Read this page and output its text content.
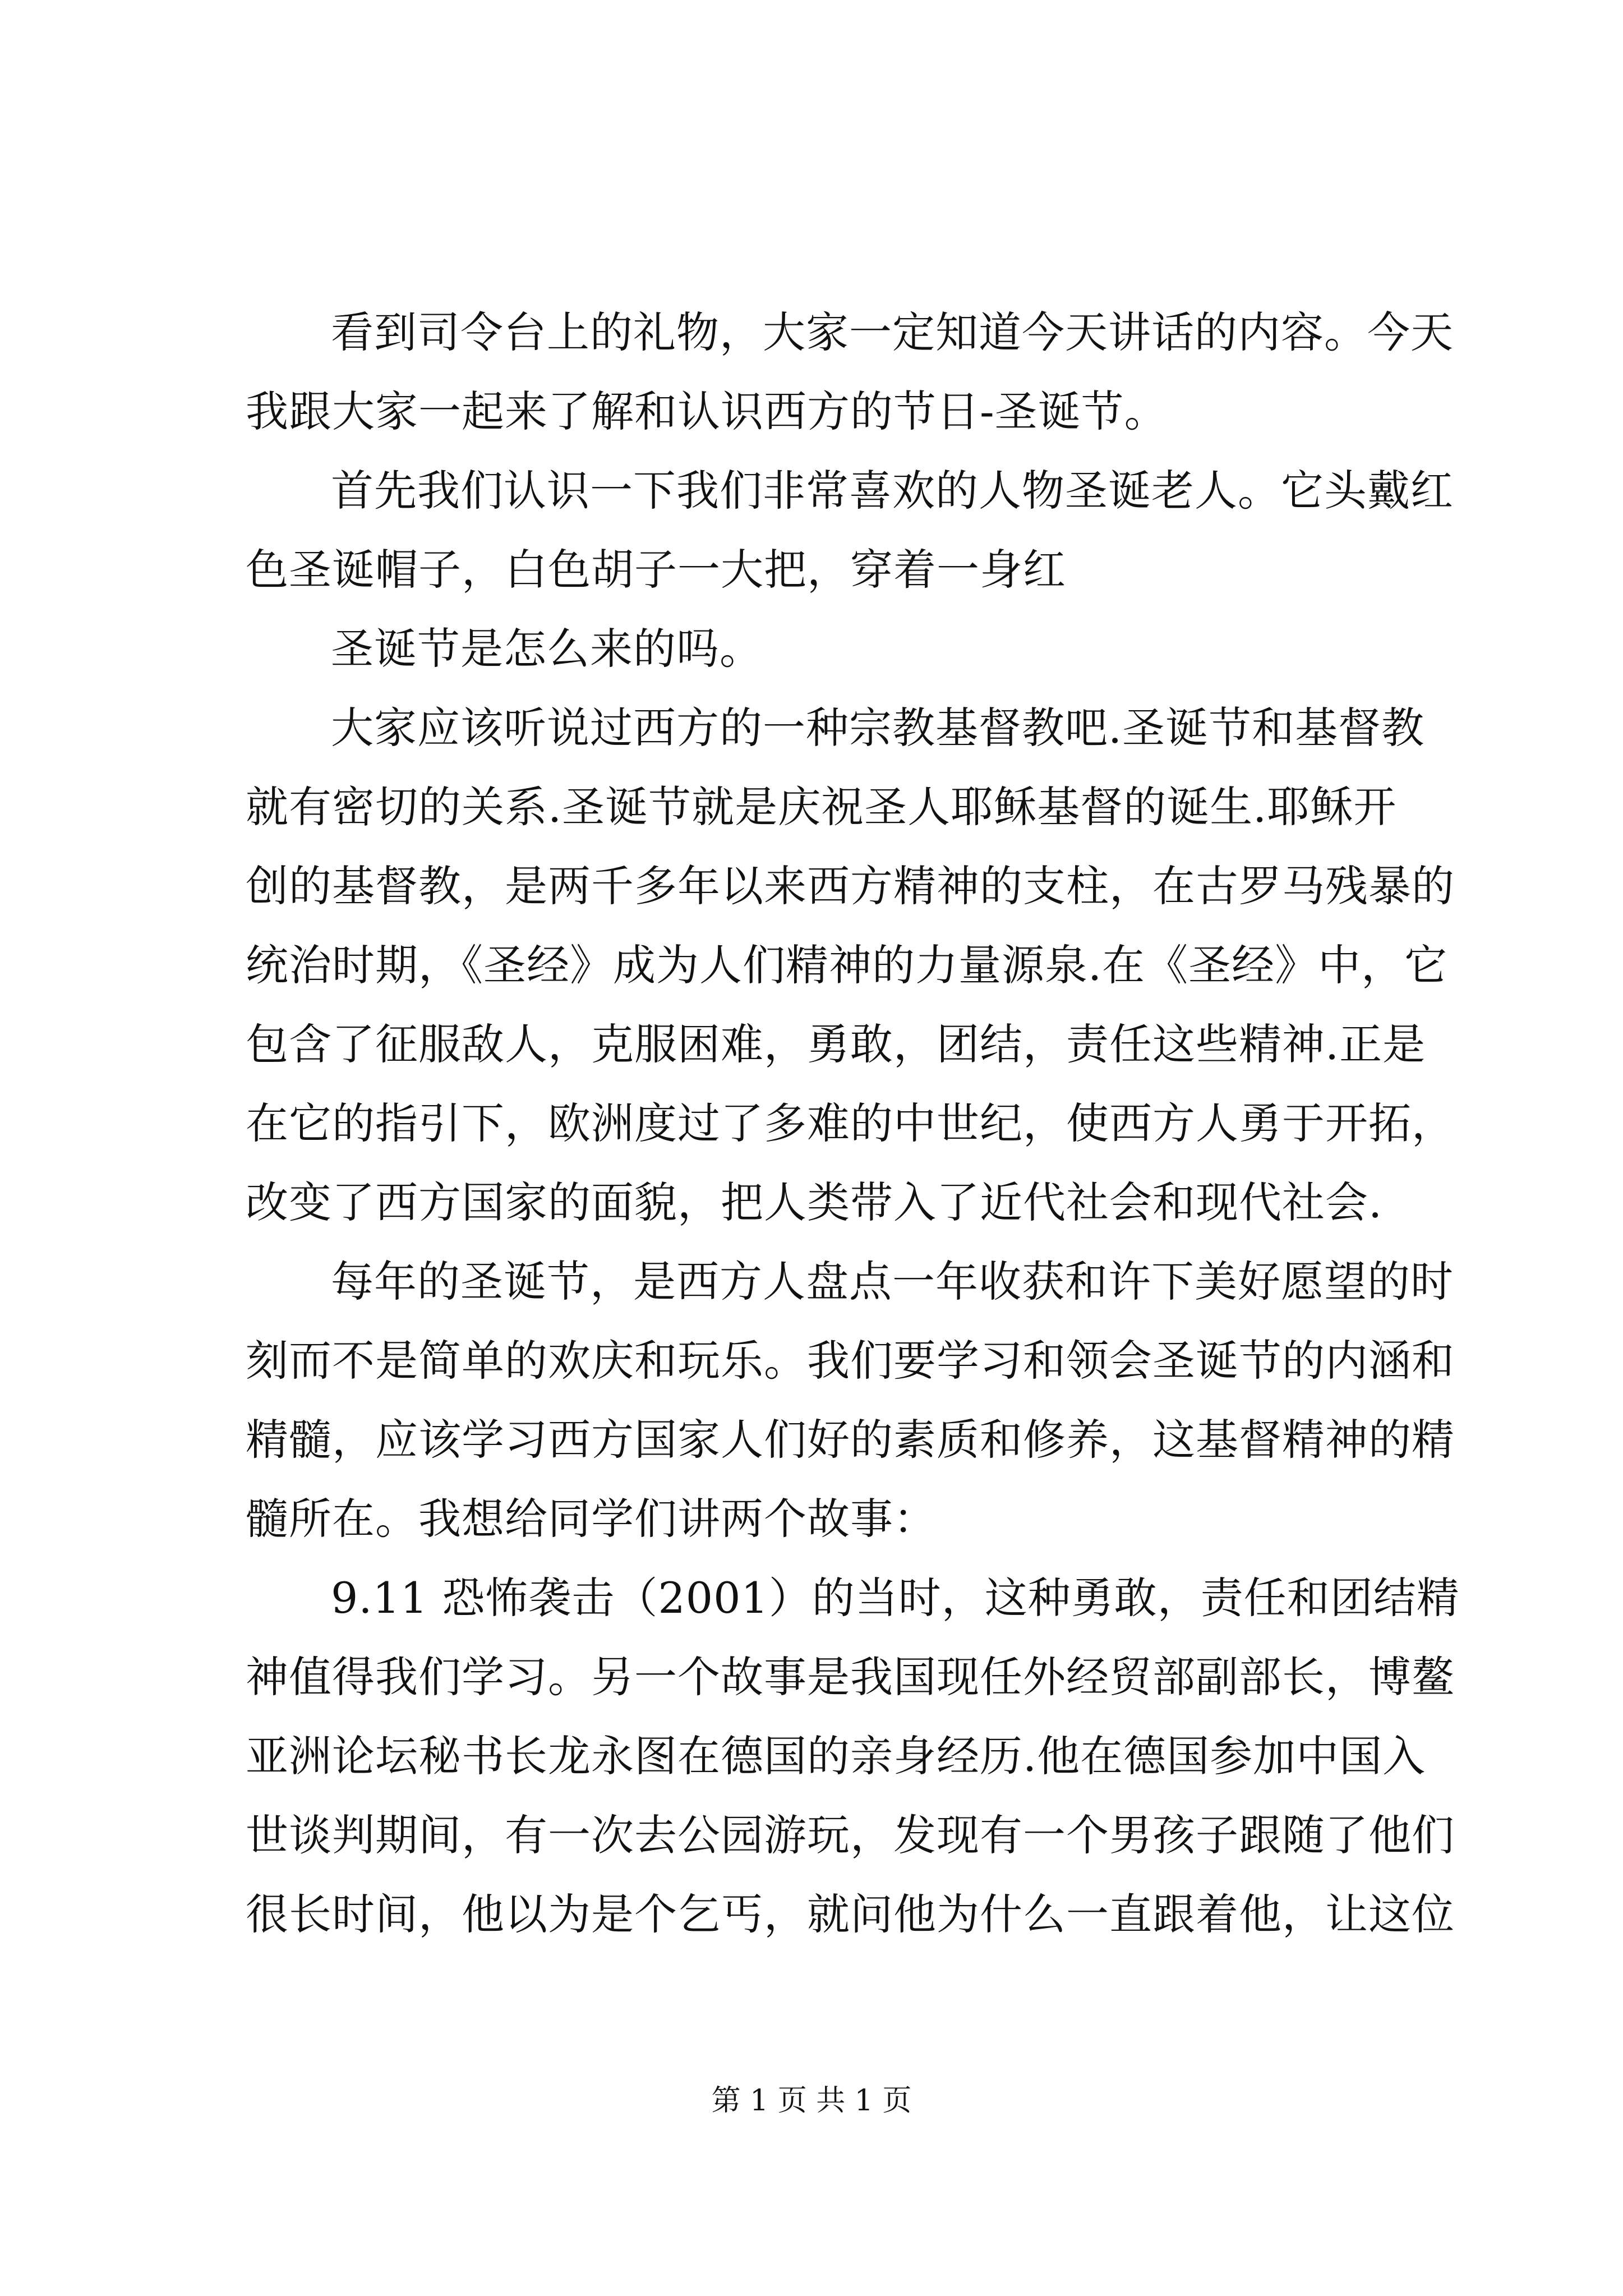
看到司令台上的礼物，大家一定知道今天讲话的内容。今天
我跟大家一起来了解和认识西方的节日-圣诞节。
首先我们认识一下我们非常喜欢的人物圣诞老人。它头戴红
色圣诞帽子，白色胡子一大把，穿着一身红
圣诞节是怎么来的吗。
大家应该听说过西方的一种宗教基督教吧.圣诞节和基督教
就有密切的关系.圣诞节就是庆祝圣人耶稣基督的诞生.耶稣开
创的基督教，是两千多年以来西方精神的支柱，在古罗马残暴的
统治时期，《圣经》成为人们精神的力量源泉.在《圣经》中，它
包含了征服敌人，克服困难，勇敢，团结，责任这些精神.正是
在它的指引下，欧洲度过了多难的中世纪，使西方人勇于开拓，
改变了西方国家的面貌，把人类带入了近代社会和现代社会.
每年的圣诞节，是西方人盘点一年收获和许下美好愿望的时
刻而不是简单的欢庆和玩乐。我们要学习和领会圣诞节的内涵和
精髓，应该学习西方国家人们好的素质和修养，这基督精神的精
髓所在。我想给同学们讲两个故事：
9.11 恐怖袭击（2001）的当时，这种勇敢，责任和团结精
神值得我们学习。另一个故事是我国现任外经贸部副部长，博鳌
亚洲论坛秘书长龙永图在德国的亲身经历.他在德国参加中国入
世谈判期间，有一次去公园游玩，发现有一个男孩子跟随了他们
很长时间，他以为是个乞丐，就问他为什么一直跟着他，让这位
第 1 页 共 1 页
